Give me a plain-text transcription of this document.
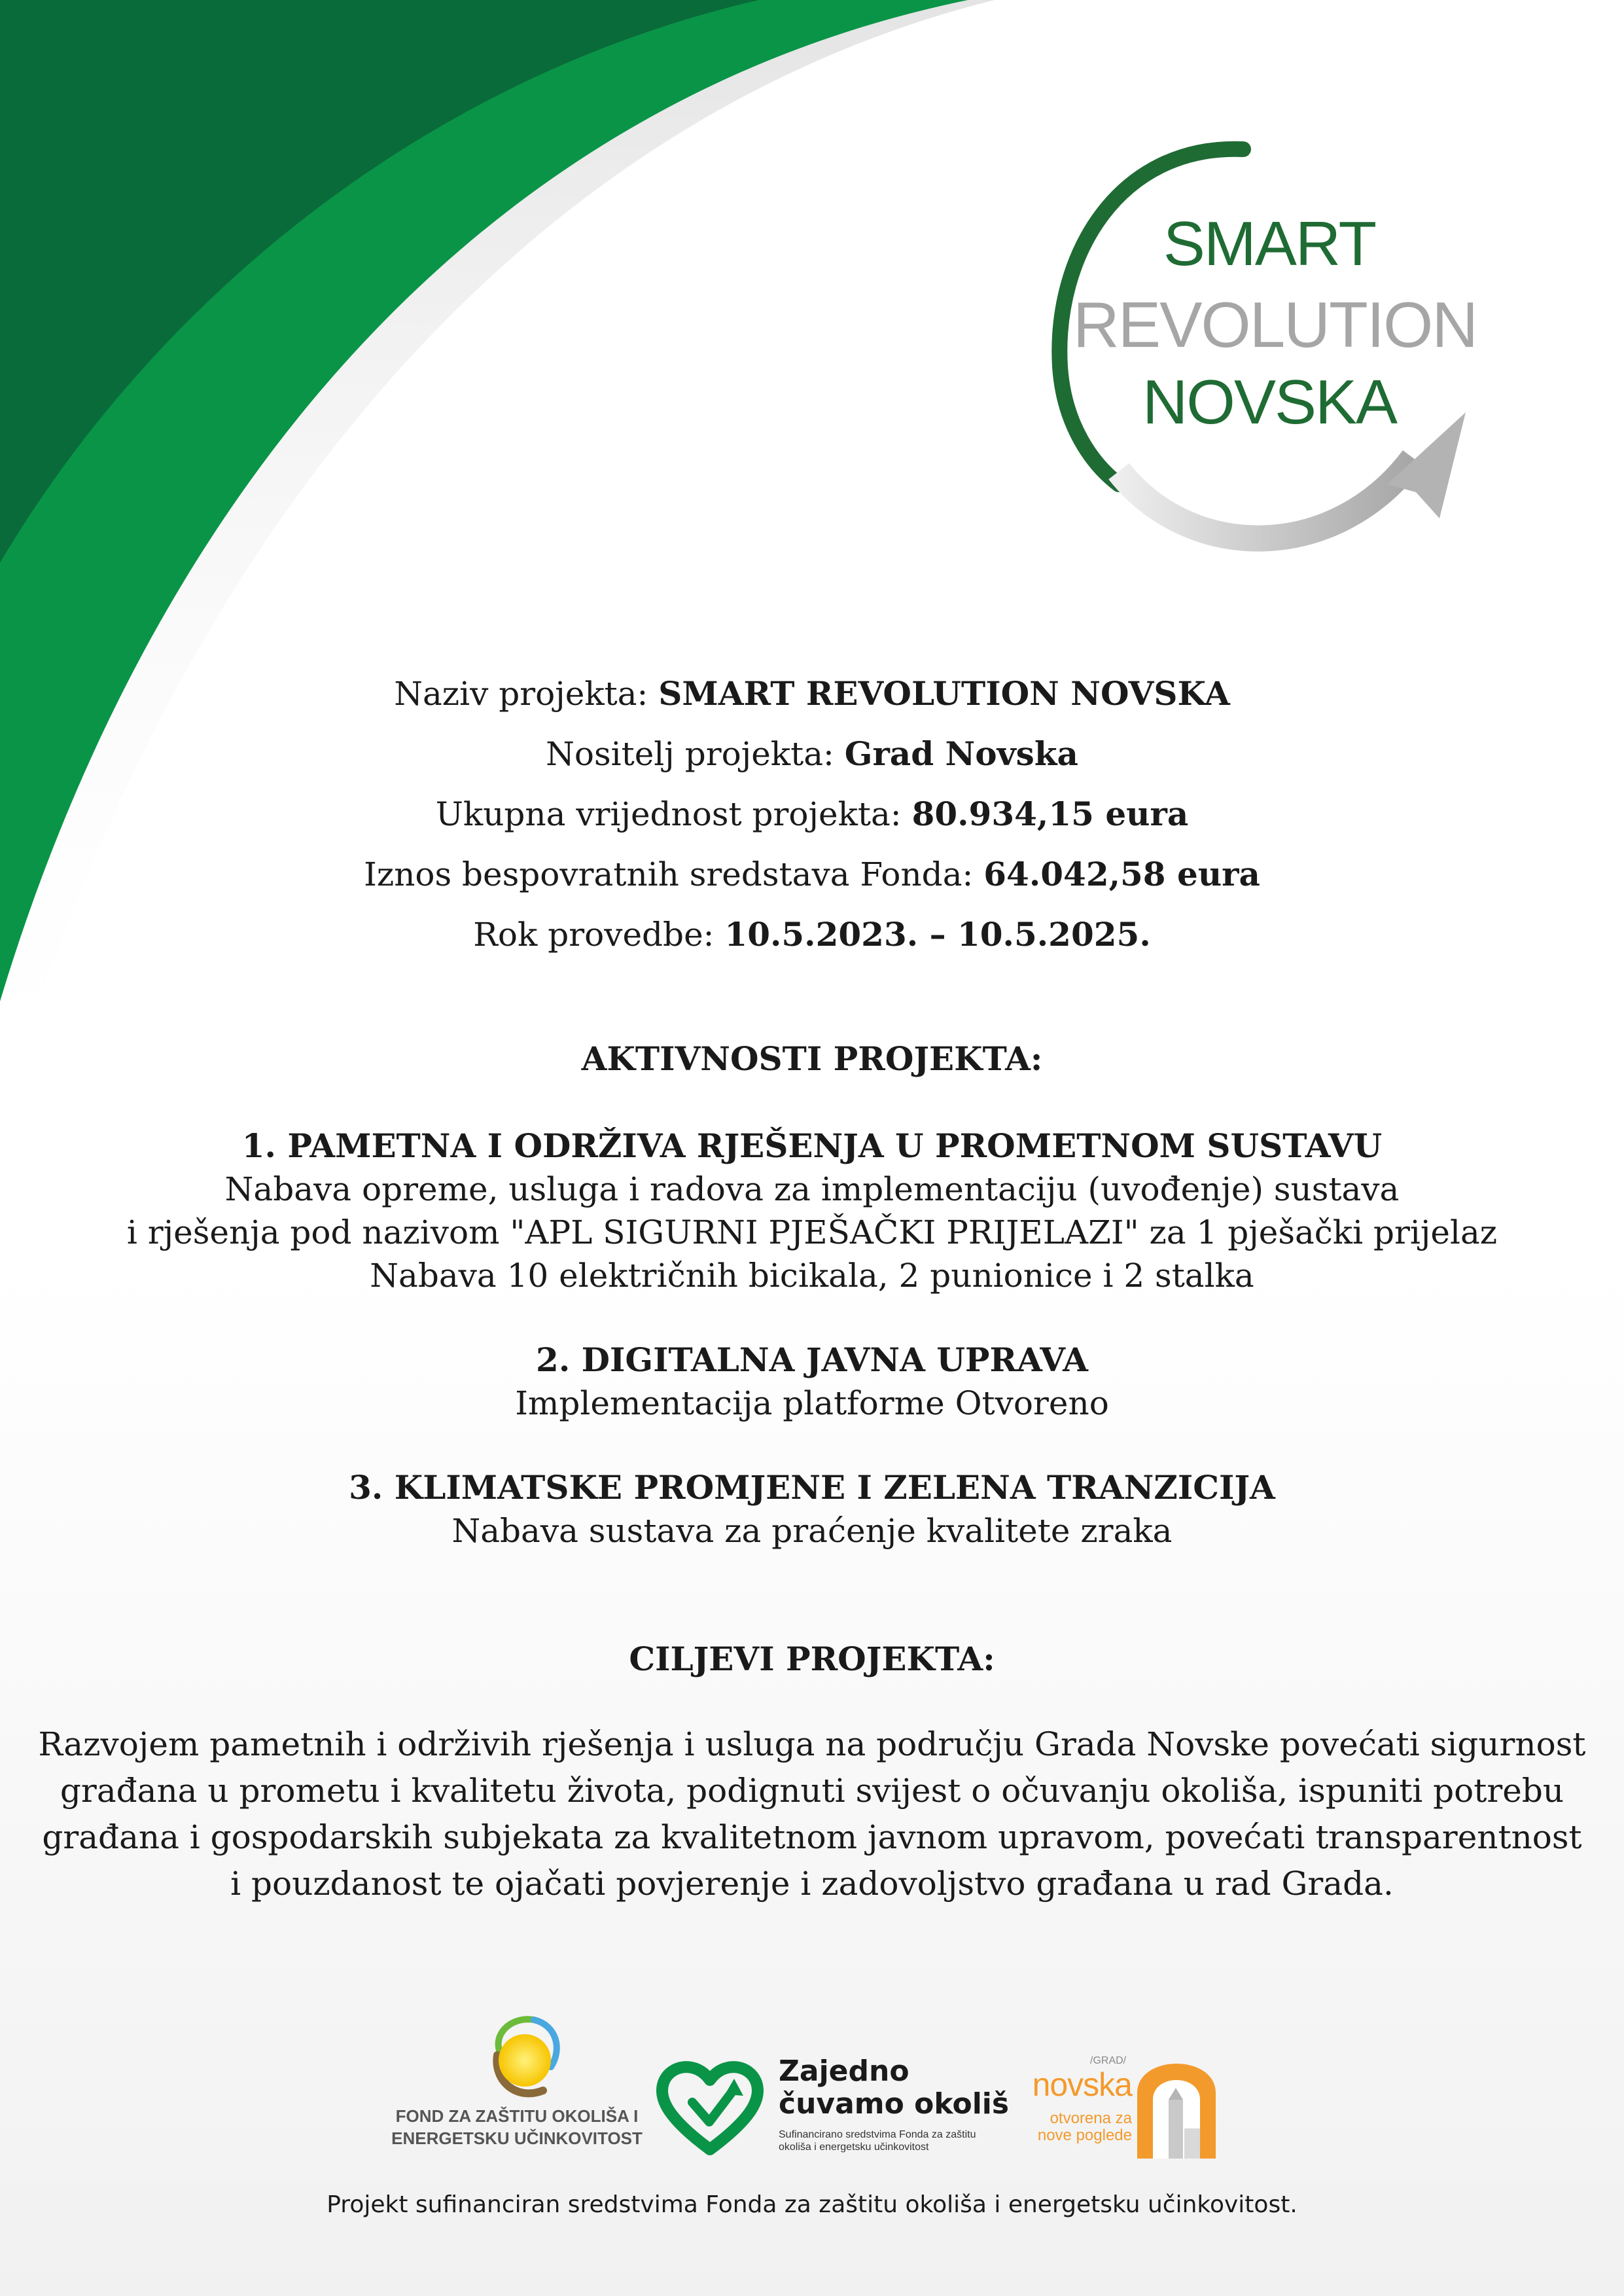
SMART
REVOLUTION
NOVSKA
Naziv projekta: SMART REVOLUTION NOVSKA
Nositelj projekta: Grad Novska
Ukupna vrijednost projekta: 80.934,15 eura
Iznos bespovratnih sredstava Fonda: 64.042,58 eura
Rok provedbe: 10.5.2023. – 10.5.2025.
AKTIVNOSTI PROJEKTA:
1. PAMETNA I ODRŽIVA RJEŠENJA U PROMETNOM SUSTAVU
Nabava opreme, usluga i radova za implementaciju (uvođenje) sustava
i rješenja pod nazivom "APL SIGURNI PJEŠAČKI PRIJELAZI" za 1 pješački prijelaz
Nabava 10 električnih bicikala, 2 punionice i 2 stalka
2. DIGITALNA JAVNA UPRAVA
Implementacija platforme Otvoreno
3. KLIMATSKE PROMJENE I ZELENA TRANZICIJA
Nabava sustava za praćenje kvalitete zraka
CILJEVI PROJEKTA:
Razvojem pametnih i održivih rješenja i usluga na području Grada Novske povećati sigurnost
građana u prometu i kvalitetu života, podignuti svijest o očuvanju okoliša, ispuniti potrebu
građana i gospodarskih subjekata za kvalitetnom javnom upravom, povećati transparentnost
i pouzdanost te ojačati povjerenje i zadovoljstvo građana u rad Grada.
FOND ZA ZAŠTITU OKOLIŠA I
ENERGETSKU UČINKOVITOST
Zajedno
čuvamo okoliš
Sufinancirano sredstvima Fonda za zaštitu
okoliša i energetsku učinkovitost
/GRAD/
novska
otvorena za
nove poglede
Projekt sufinanciran sredstvima Fonda za zaštitu okoliša i energetsku učinkovitost.
